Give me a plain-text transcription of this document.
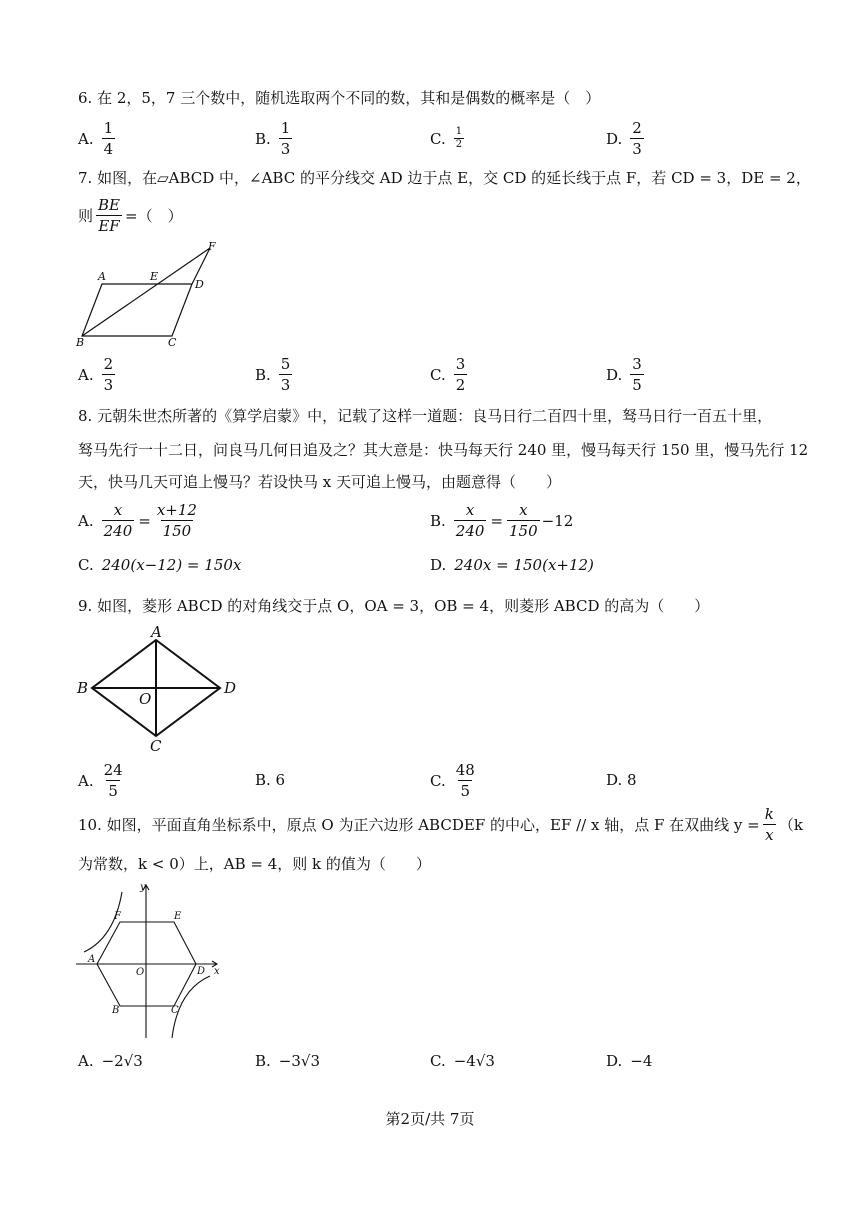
6. 在 2，5，7 三个数中，随机选取两个不同的数，其和是偶数的概率是（　）
A. $\frac{1}{4}$	B. $\frac{1}{3}$	C. $\frac{1}{2}$	D. $\frac{2}{3}$
7. 如图，在▱ABCD 中，∠ABC 的平分线交 AD 边于点 E，交 CD 的延长线于点 F，若 CD = 3，DE = 2，
则 $\frac{BE}{EF}$ =（　）
A	E
D
F
B	C
A. $\frac{2}{3}$	B. $\frac{5}{3}$	C. $\frac{3}{2}$	D. $\frac{3}{5}$
8. 元朝朱世杰所著的《算学启蒙》中，记载了这样一道题：良马日行二百四十里，驽马日行一百五十里，
驽马先行一十二日，问良马几何日追及之？其大意是：快马每天行 240 里，慢马每天行 150 里，慢马先行 12
天，快马几天可追上慢马？若设快马 x 天可追上慢马，由题意得（　　）
A. $\frac{x}{240} = \frac{x+12}{150}$	B. $\frac{x}{240} = \frac{x}{150} -12$
C. 240(x−12) = 150x	D. 240x = 150(x+12)
9. 如图，菱形 ABCD 的对角线交于点 O，OA = 3，OB = 4，则菱形 ABCD 的高为（　　）
A
B	D
C
O
A. $\frac{24}{5}$	B. 6	C. $\frac{48}{5}$	D. 8
10. 如图，平面直角坐标系中，原点 O 为正六边形 ABCDEF 的中心，EF // x 轴，点 F 在双曲线 $y = \frac{k}{x} (k$
为常数，k < 0）上，AB = 4，则 k 的值为（　　）
y
x
O
A
B	C
D
E
F
A. −2√3	B. −3√3	C. −4√3	D. −4
第2页/共 7页
